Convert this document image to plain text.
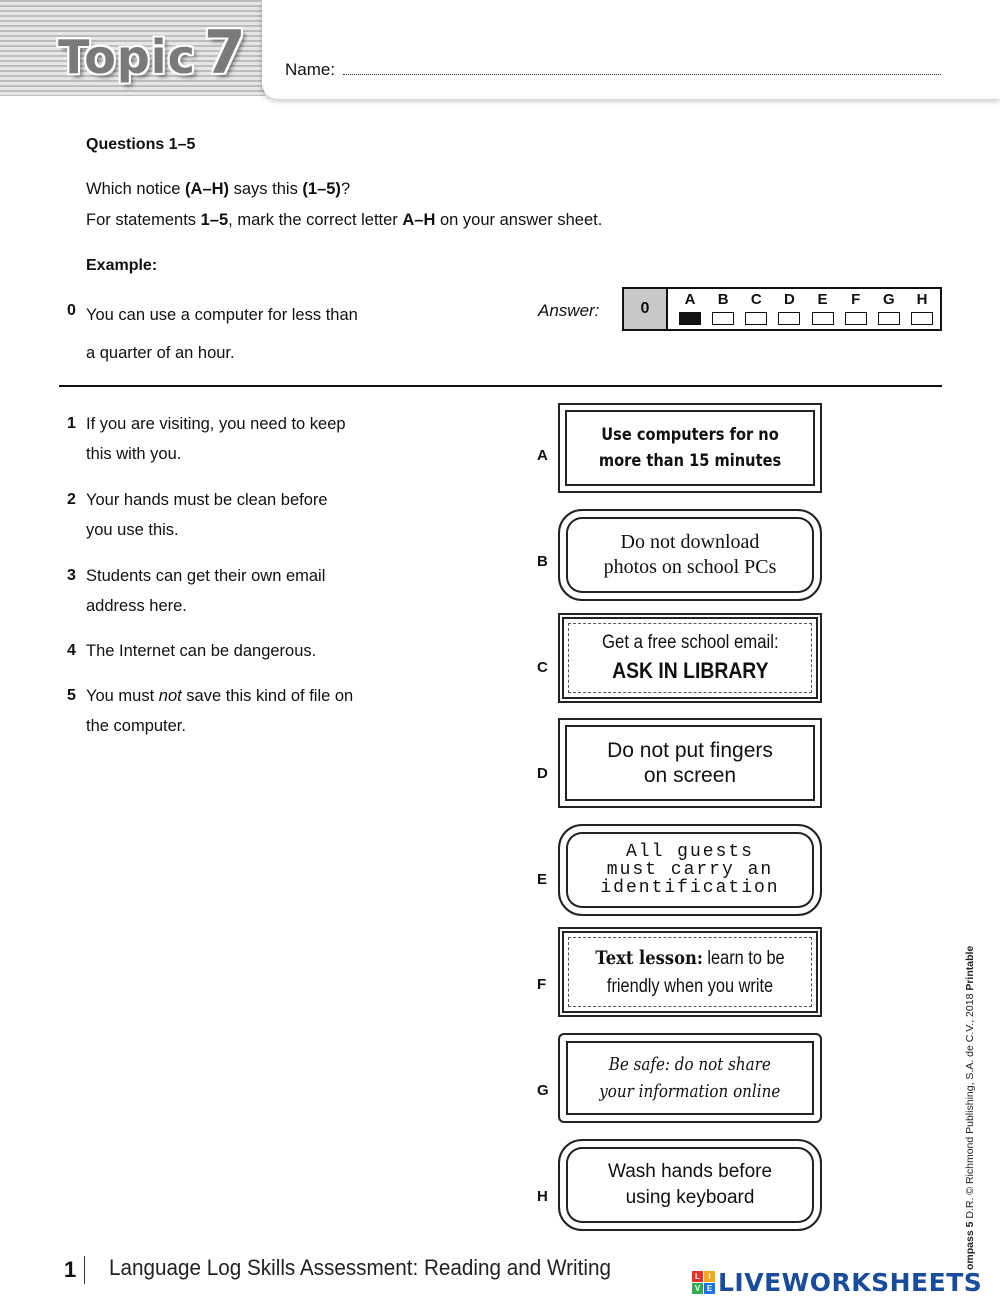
Topic 7 Name:
Questions 1–5
Which notice (A–H) says this (1–5)?
For statements 1–5, mark the correct letter A–H on your answer sheet.
Example:
0 You can use a computer for less than
a quarter of an hour.
Answer:	0
A B C D E F G H
1 If you are visiting, you need to keep
this with you.
2 Your hands must be clean before
you use this.
3 Students can get their own email
address here.
4 The Internet can be dangerous.
5 You must not save this kind of file on
the computer.
A
Use computers for no
more than 15 minutes
B
Do not download
photos on school PCs
C
Get a free school email:
ASK IN LIBRARY
D
Do not put fingers
on screen
E
All guests
must carry an
identification
F
Text lesson: learn to be
friendly when you write
G
Be safe: do not share
your information online
H
Wash hands before
using keyboard
1 Language Log Skills Assessment: Reading and Writing	ompass 5 D.R. © Richmond Publishing, S.A. de C.V., 2018 Printable
L	I
V E LIVEWORKSHEETS
